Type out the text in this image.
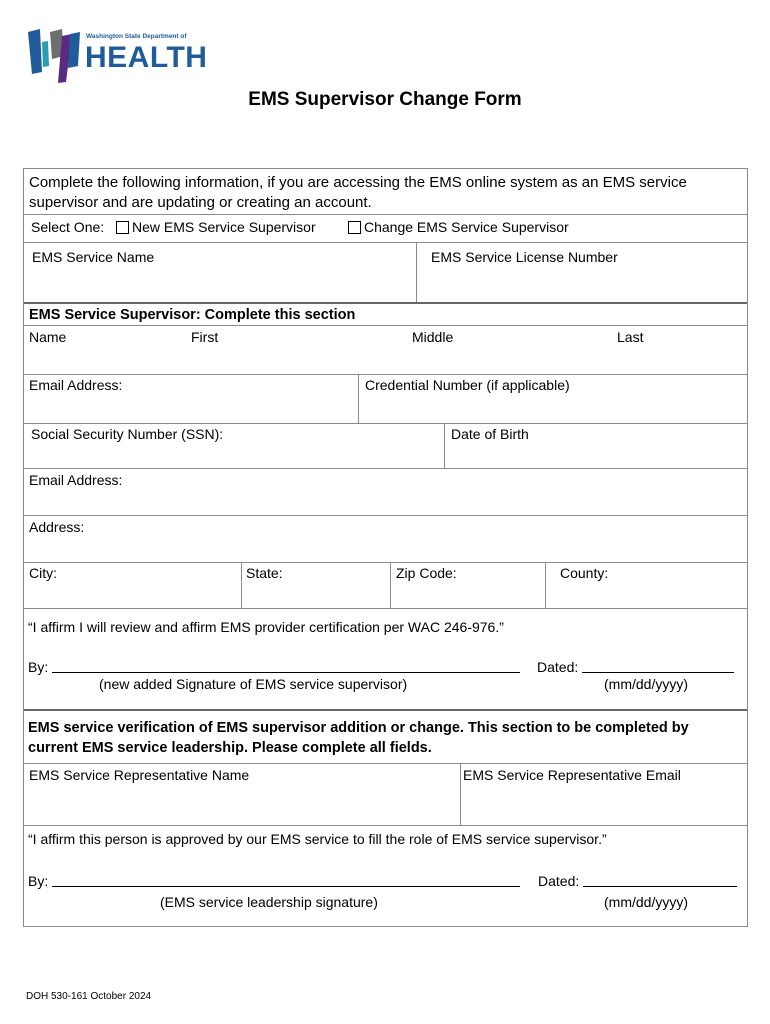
Washington State Department of
HEALTH
EMS Supervisor Change Form
Complete the following information, if you are accessing the EMS online system as an EMS service supervisor and are updating or creating an account.
Select One:	New EMS Service Supervisor	Change EMS Service Supervisor
EMS Service Name	EMS Service License Number
EMS Service Supervisor: Complete this section
Name	First	Middle	Last
Email Address:	Credential Number (if applicable)
Social Security Number (SSN):	Date of Birth
Email Address:
Address:
City:	State:	Zip Code:	County:
“I affirm I will review and affirm EMS provider certification per WAC 246-976.”
By:	Dated:
(new added Signature of EMS service supervisor)	(mm/dd/yyyy)
EMS service verification of EMS supervisor addition or change. This section to be completed by
current EMS service leadership. Please complete all fields.
EMS Service Representative Name	EMS Service Representative Email
“I affirm this person is approved by our EMS service to fill the role of EMS service supervisor.”
By:	Dated:
(EMS service leadership signature)	(mm/dd/yyyy)
DOH 530-161 October 2024
